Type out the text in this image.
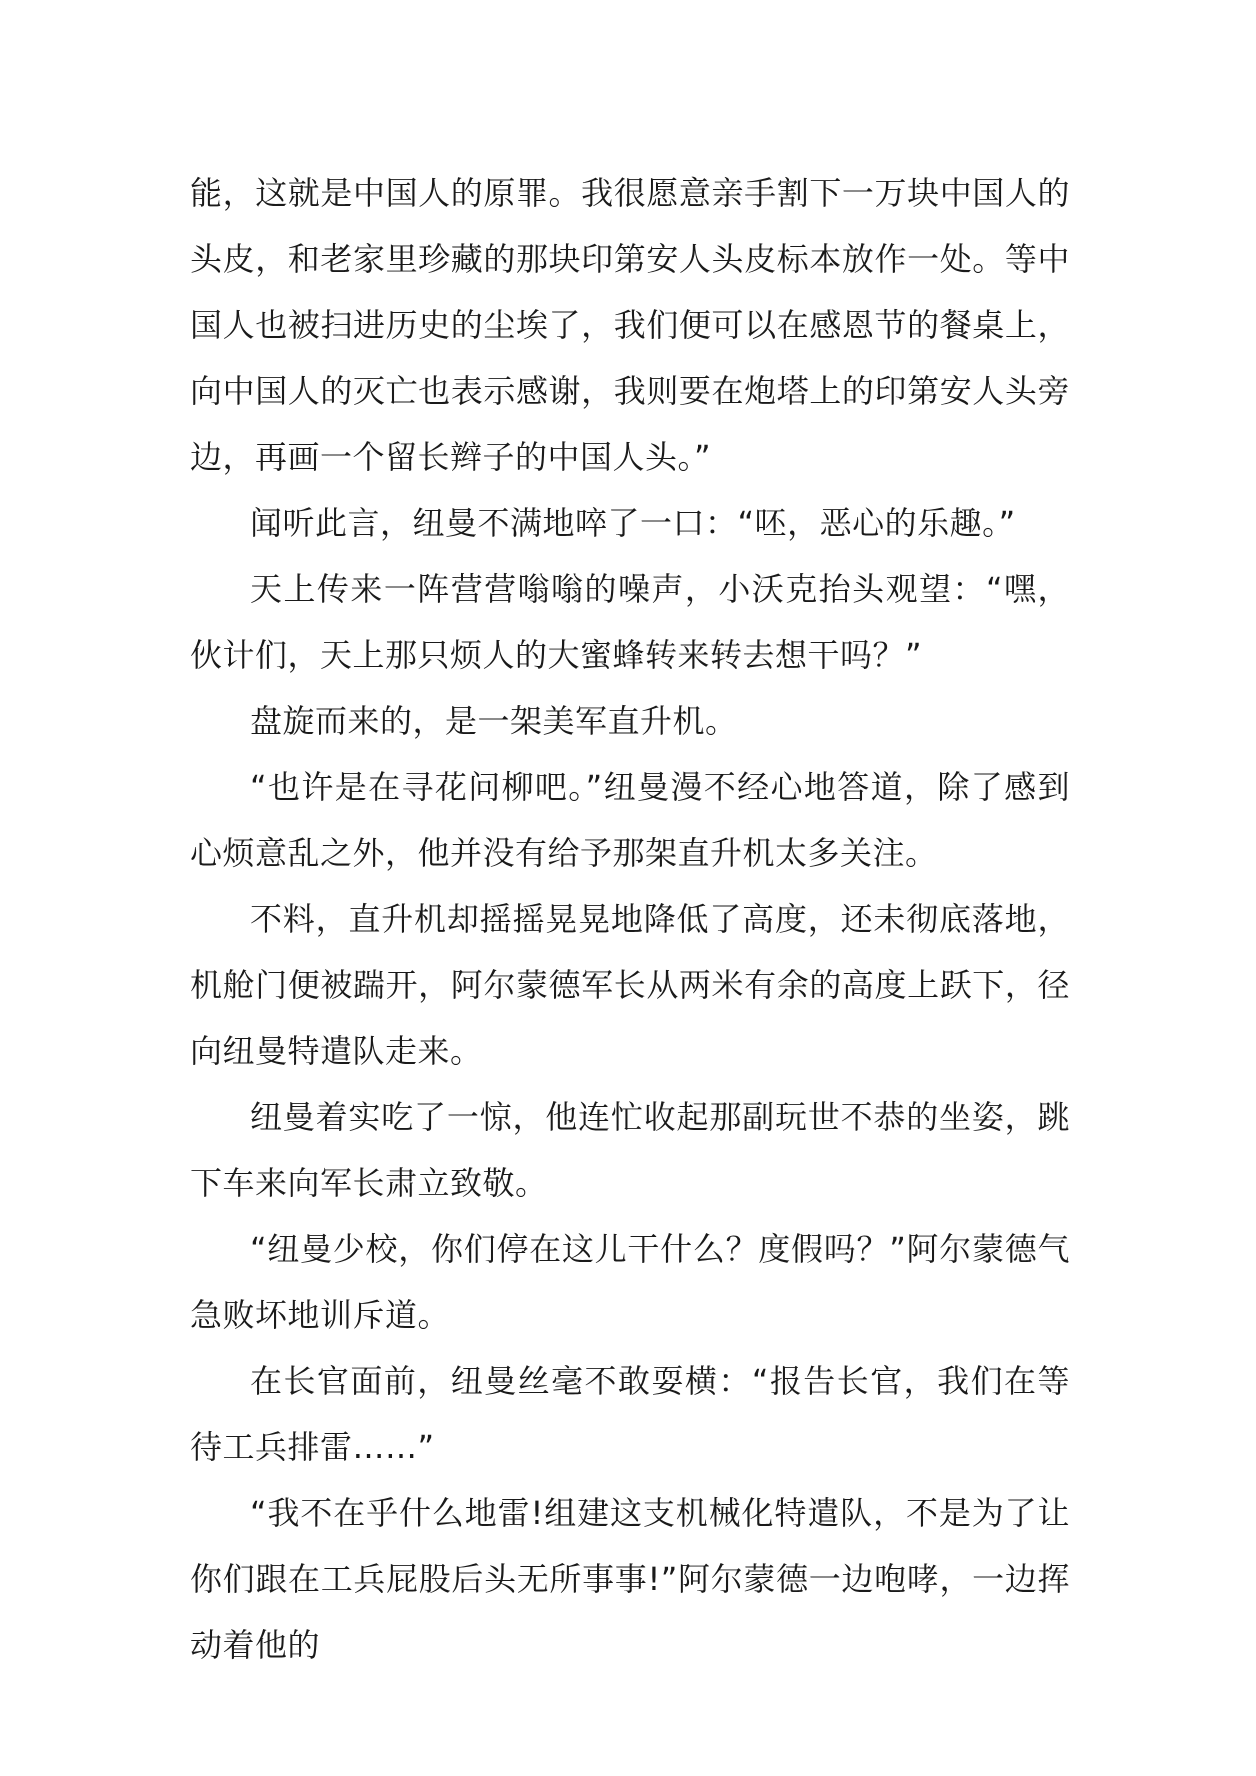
能，这就是中国人的原罪。我很愿意亲手割下一万块中国人的头皮，和老家里珍藏的那块印第安人头皮标本放作一处。等中国人也被扫进历史的尘埃了，我们便可以在感恩节的餐桌上，向中国人的灭亡也表示感谢，我则要在炮塔上的印第安人头旁边，再画一个留长辫子的中国人头。”

闻听此言，纽曼不满地啐了一口：“呸，恶心的乐趣。”

天上传来一阵营营嗡嗡的噪声，小沃克抬头观望：“嘿，伙计们，天上那只烦人的大蜜蜂转来转去想干吗？”

盘旋而来的，是一架美军直升机。

“也许是在寻花问柳吧。”纽曼漫不经心地答道，除了感到心烦意乱之外，他并没有给予那架直升机太多关注。

不料，直升机却摇摇晃晃地降低了高度，还未彻底落地，机舱门便被踹开，阿尔蒙德军长从两米有余的高度上跃下，径向纽曼特遣队走来。

纽曼着实吃了一惊，他连忙收起那副玩世不恭的坐姿，跳下车来向军长肃立致敬。

“纽曼少校，你们停在这儿干什么？度假吗？”阿尔蒙德气急败坏地训斥道。

在长官面前，纽曼丝毫不敢耍横：“报告长官，我们在等待工兵排雷……”

“我不在乎什么地雷!组建这支机械化特遣队，不是为了让你们跟在工兵屁股后头无所事事!”阿尔蒙德一边咆哮，一边挥动着他的
